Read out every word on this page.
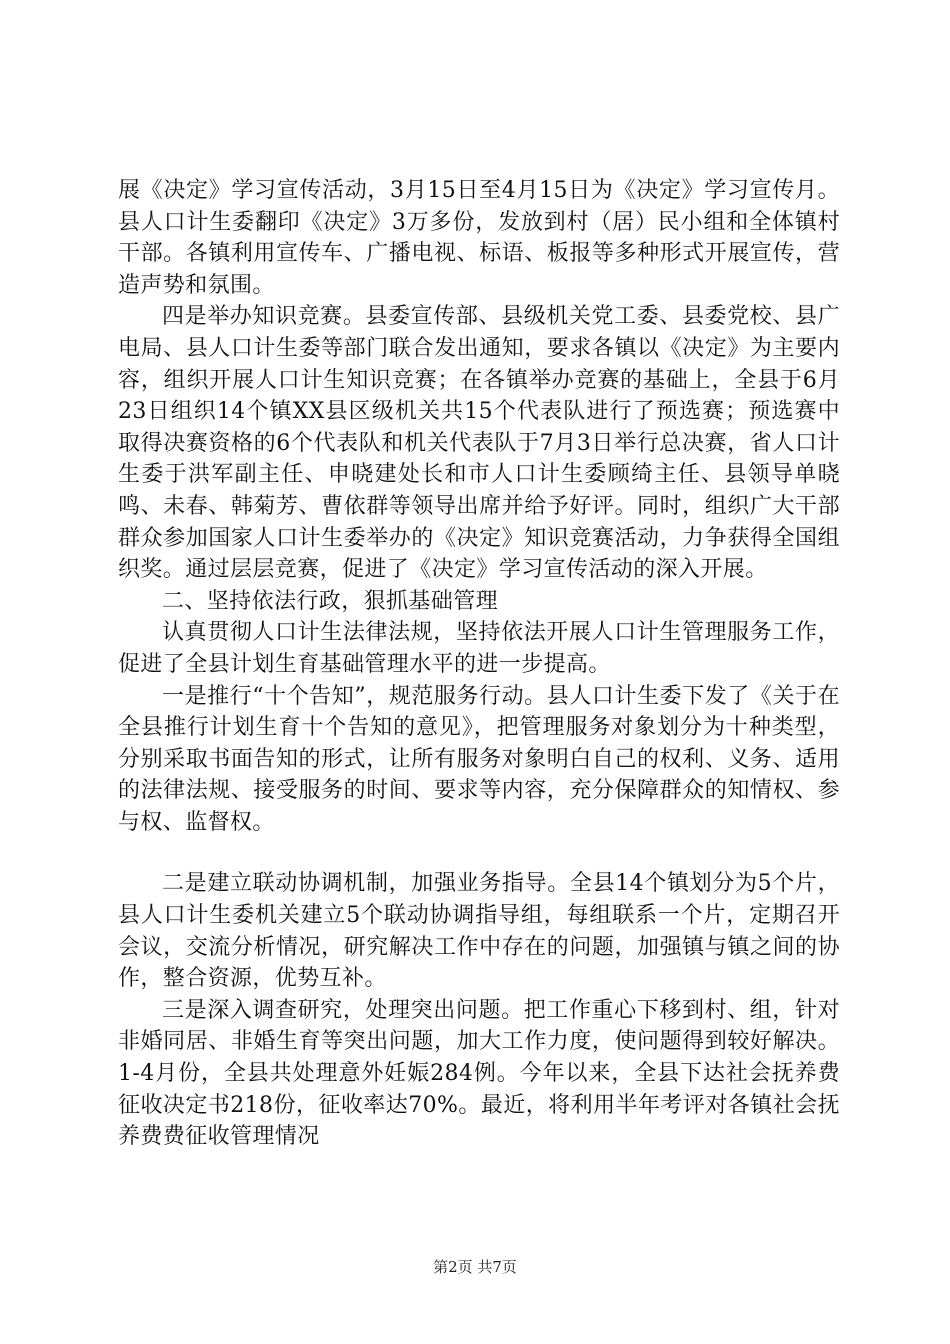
展《决定》学习宣传活动，3月15日至4月15日为《决定》学习宣传月。县人口计生委翻印《决定》3万多份，发放到村（居）民小组和全体镇村干部。各镇利用宣传车、广播电视、标语、板报等多种形式开展宣传，营造声势和氛围。

四是举办知识竞赛。县委宣传部、县级机关党工委、县委党校、县广电局、县人口计生委等部门联合发出通知，要求各镇以《决定》为主要内容，组织开展人口计生知识竞赛；在各镇举办竞赛的基础上，全县于6月23日组织14个镇XX县区级机关共15个代表队进行了预选赛；预选赛中取得决赛资格的6个代表队和机关代表队于7月3日举行总决赛，省人口计生委于洪军副主任、申晓建处长和市人口计生委顾绮主任、县领导单晓鸣、未春、韩菊芳、曹依群等领导出席并给予好评。同时，组织广大干部群众参加国家人口计生委举办的《决定》知识竞赛活动，力争获得全国组织奖。通过层层竞赛，促进了《决定》学习宣传活动的深入开展。

二、坚持依法行政，狠抓基础管理

认真贯彻人口计生法律法规，坚持依法开展人口计生管理服务工作，促进了全县计划生育基础管理水平的进一步提高。

一是推行“十个告知”，规范服务行动。县人口计生委下发了《关于在全县推行计划生育十个告知的意见》，把管理服务对象划分为十种类型，分别采取书面告知的形式，让所有服务对象明白自己的权利、义务、适用的法律法规、接受服务的时间、要求等内容，充分保障群众的知情权、参与权、监督权。

二是建立联动协调机制，加强业务指导。全县14个镇划分为5个片，县人口计生委机关建立5个联动协调指导组，每组联系一个片，定期召开会议，交流分析情况，研究解决工作中存在的问题，加强镇与镇之间的协作，整合资源，优势互补。

三是深入调查研究，处理突出问题。把工作重心下移到村、组，针对非婚同居、非婚生育等突出问题，加大工作力度，使问题得到较好解决。1-4月份，全县共处理意外妊娠284例。今年以来，全县下达社会抚养费征收决定书218份，征收率达70%。最近，将利用半年考评对各镇社会抚养费费征收管理情况

第2页 共7页
